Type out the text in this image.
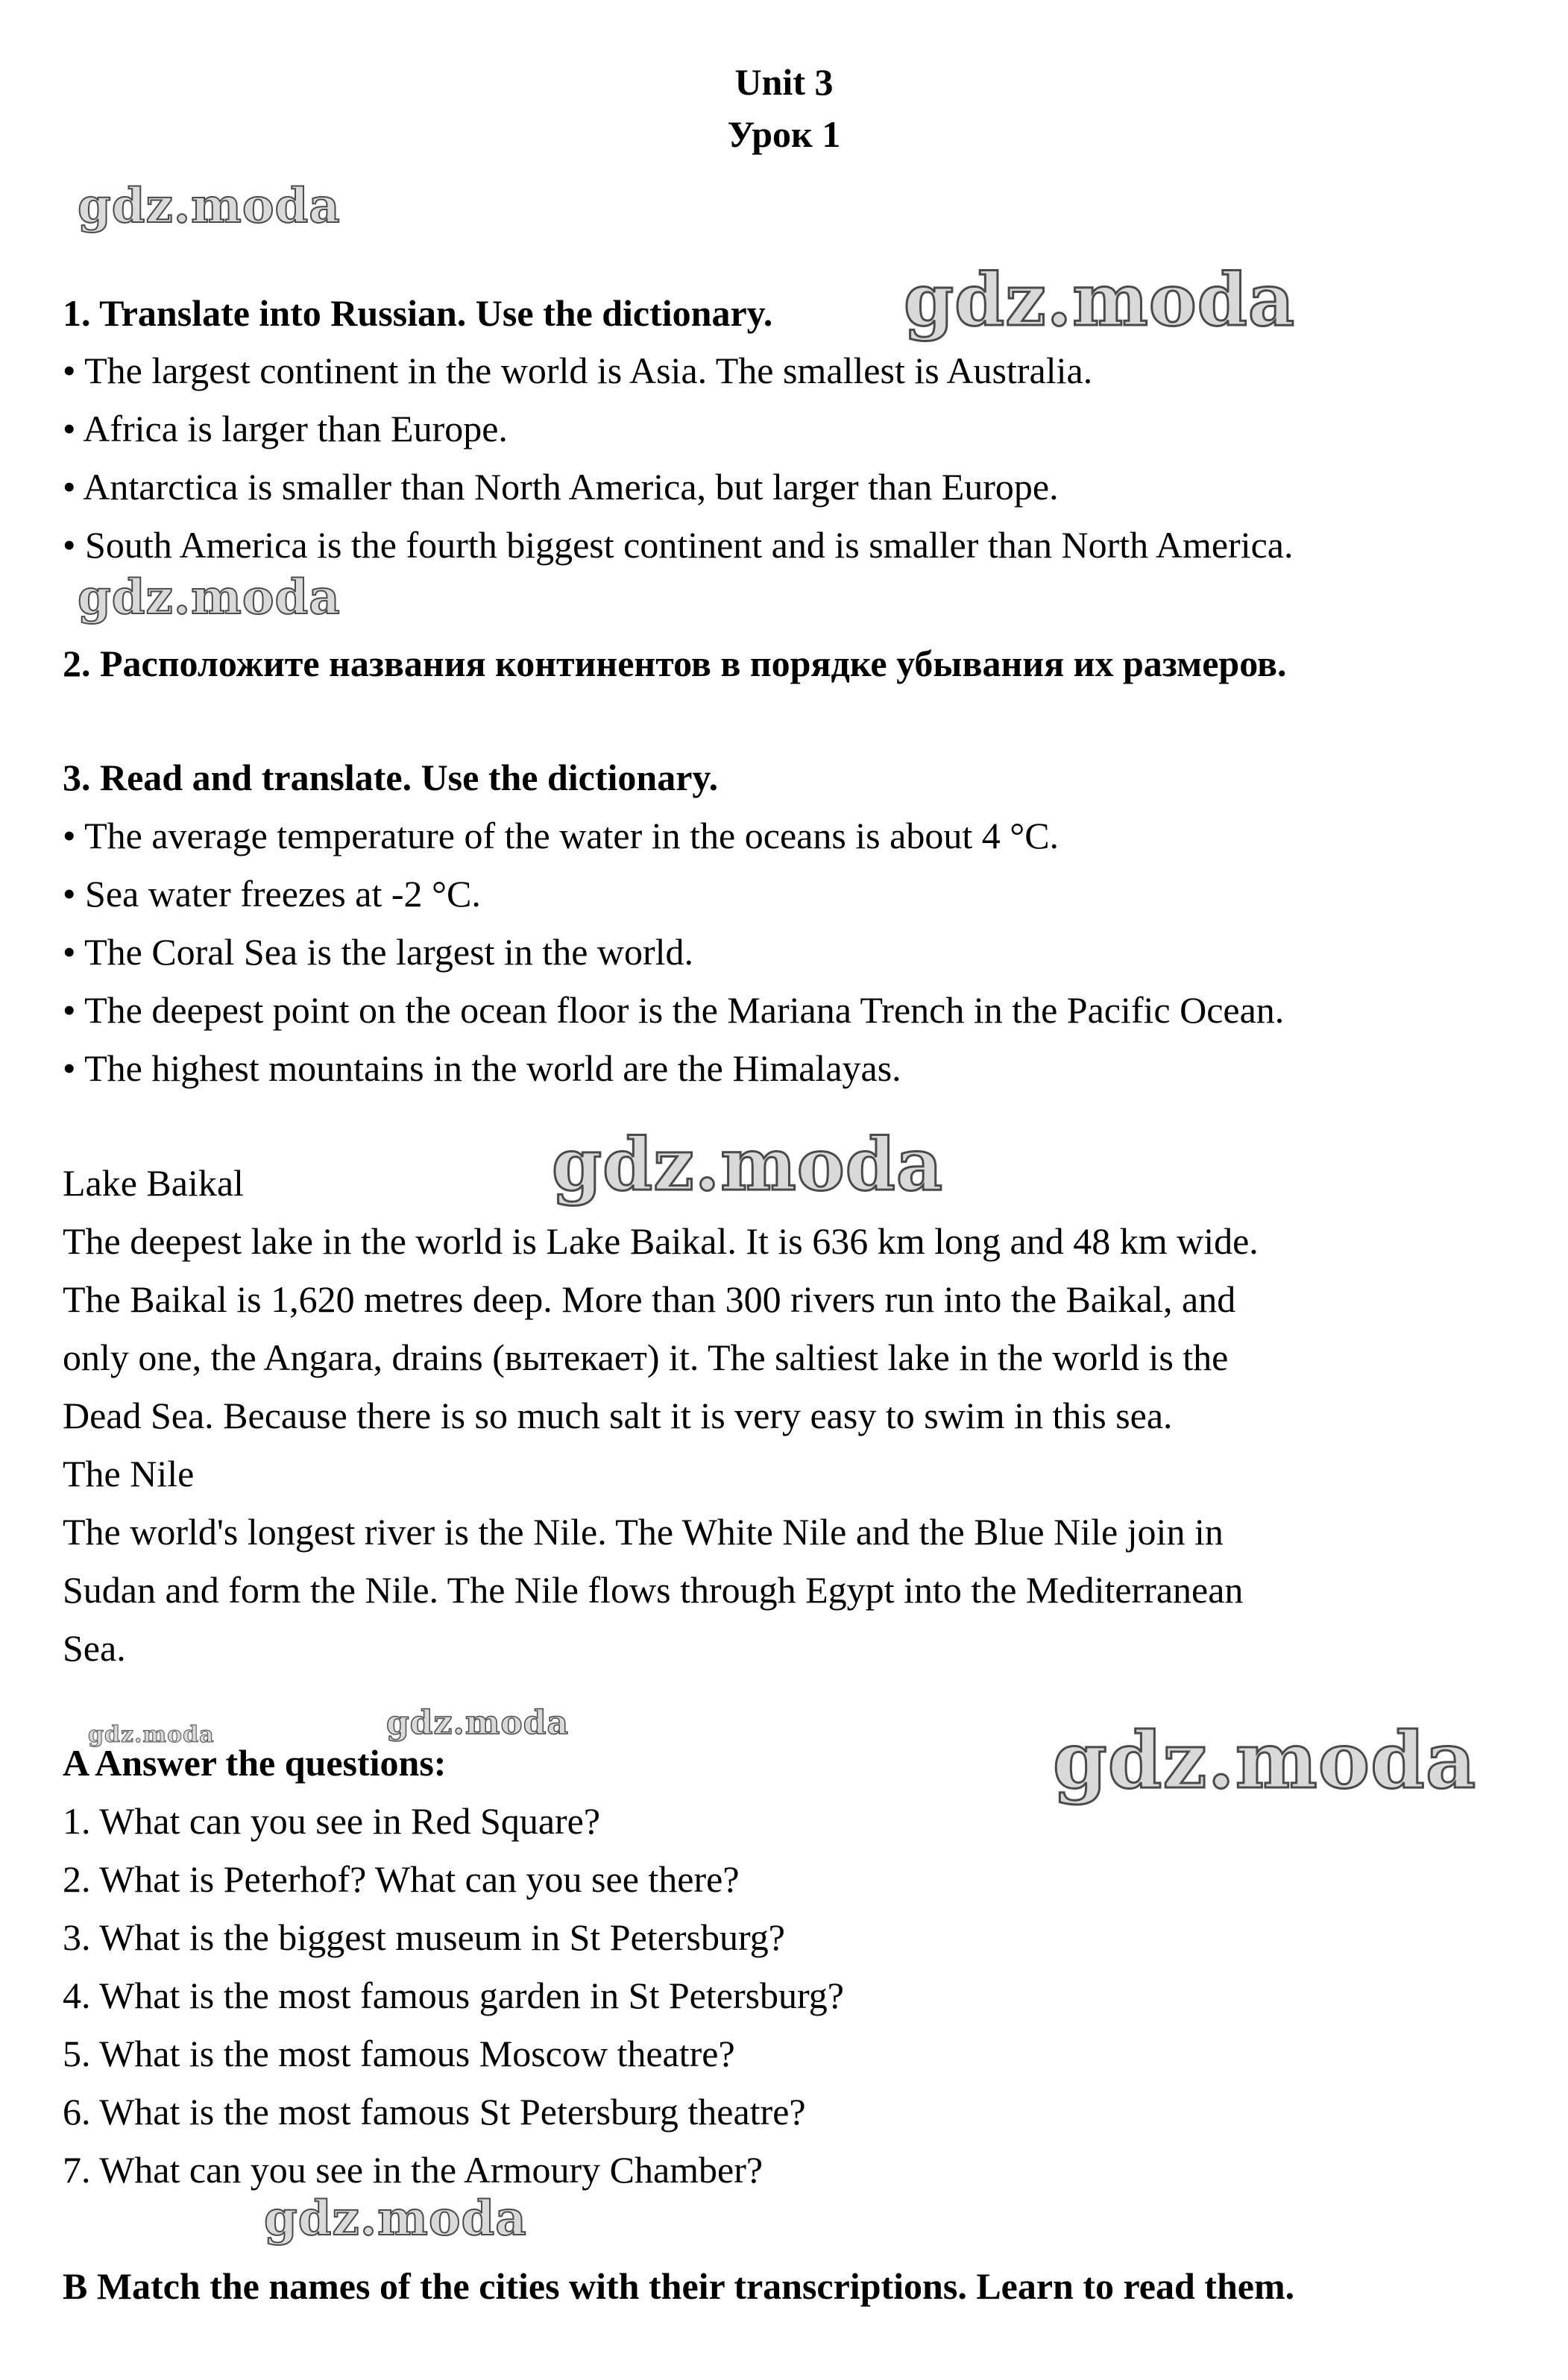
Unit 3
Урок 1
gdz.moda
gdz.moda
gdz.moda
gdz.moda
gdz.moda	gdz.moda	gdz.moda
gdz.moda
1. Translate into Russian. Use the dictionary.
• The largest continent in the world is Asia. The smallest is Australia.
• Africa is larger than Europe.
• Antarctica is smaller than North America, but larger than Europe.
• South America is the fourth biggest continent and is smaller than North America.
2. Расположите названия континентов в порядке убывания их размеров.
3. Read and translate. Use the dictionary.
• The average temperature of the water in the oceans is about 4 °C.
• Sea water freezes at -2 °C.
• The Coral Sea is the largest in the world.
• The deepest point on the ocean floor is the Mariana Trench in the Pacific Ocean.
• The highest mountains in the world are the Himalayas.
Lake Baikal
The deepest lake in the world is Lake Baikal. It is 636 km long and 48 km wide.
The Baikal is 1,620 metres deep. More than 300 rivers run into the Baikal, and
only one, the Angara, drains (вытекает) it. The saltiest lake in the world is the
Dead Sea. Because there is so much salt it is very easy to swim in this sea.
The Nile
The world's longest river is the Nile. The White Nile and the Blue Nile join in
Sudan and form the Nile. The Nile flows through Egypt into the Mediterranean
Sea.
A Answer the questions:
1. What can you see in Red Square?
2. What is Peterhof? What can you see there?
3. What is the biggest museum in St Petersburg?
4. What is the most famous garden in St Petersburg?
5. What is the most famous Moscow theatre?
6. What is the most famous St Petersburg theatre?
7. What can you see in the Armoury Chamber?
B Match the names of the cities with their transcriptions. Learn to read them.
